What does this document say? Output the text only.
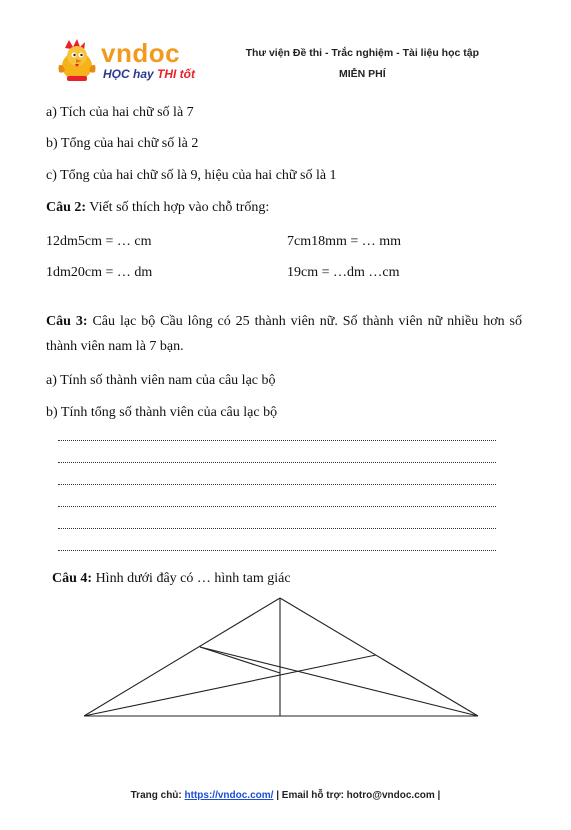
vndoc
HỌC hay THI tốt
Thư viện Đề thi - Trắc nghiệm - Tài liệu học tập
MIỄN PHÍ
a) Tích của hai chữ số là 7
b) Tổng của hai chữ số là 2
c) Tổng của hai chữ số là 9, hiệu của hai chữ số là 1
Câu 2: Viết số thích hợp vào chỗ trống:
12dm5cm = … cm	7cm18mm = … mm
1dm20cm = … dm	19cm = …dm …cm
Câu 3: Câu lạc bộ Cầu lông có 25 thành viên nữ. Số thành viên nữ nhiều hơn số thành viên nam là 7 bạn.
a) Tính số thành viên nam của câu lạc bộ
b) Tính tổng số thành viên của câu lạc bộ
Câu 4: Hình dưới đây có … hình tam giác
Trang chủ: https://vndoc.com/ | Email hỗ trợ: hotro@vndoc.com |
